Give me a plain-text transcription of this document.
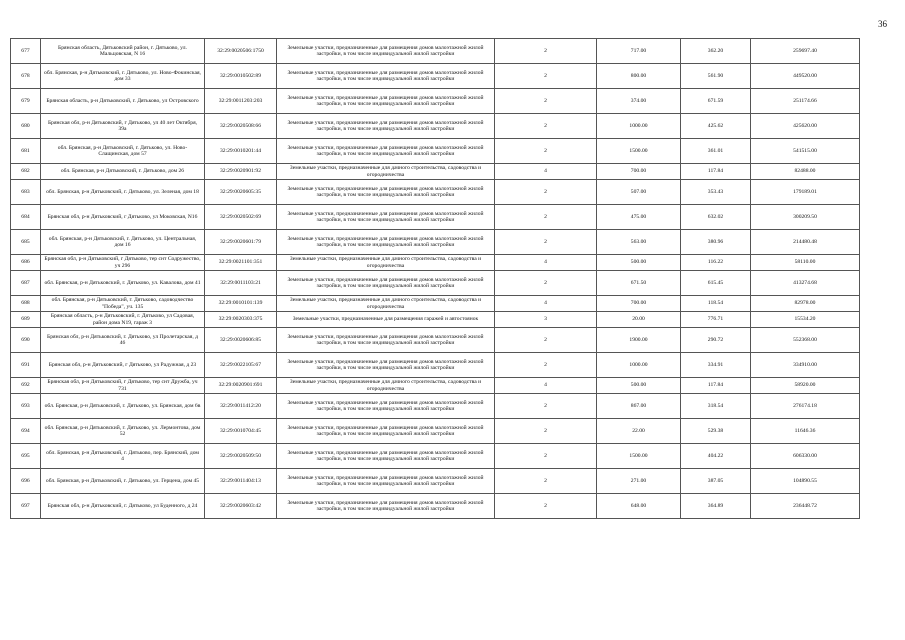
36
677	Брянская область, Дятьковский район, г. Дятьково, ул. Мальцовская, N 16	32:29:0020506:1750	Земельные участки, предназначенные для размещения домов малоэтажной жилой застройки, в том числе индивидуальной жилой застройки	2	717.00	362.20	259697.40
678	обл. Брянская, р-н Дятьковский, г. Дятьково, ул. Ново-Фокинская, дом 33	32:29:0010502:89	Земельные участки, предназначенные для размещения домов малоэтажной жилой застройки, в том числе индивидуальной жилой застройки	2	800.00	561.90	449520.00
679	Брянская область, р-н Дятьковский, г. Дятьково, ул Островского	32:29:0011203:203	Земельные участки, предназначенные для размещения домов малоэтажной жилой застройки, в том числе индивидуальной жилой застройки	2	374.00	671.59	251174.66
680	Брянская обл, р-н Дятьковский, г Дятьково, ул 40 лет Октября, 39а	32:29:0020508:66	Земельные участки, предназначенные для размещения домов малоэтажной жилой застройки, в том числе индивидуальной жилой застройки	2	1000.00	425.62	425620.00
681	обл. Брянская, р-н Дятьковский, г. Дятьково, ул. Ново-Слащинская, дом 57	32:29:0010201:44	Земельные участки, предназначенные для размещения домов малоэтажной жилой застройки, в том числе индивидуальной жилой застройки	2	1500.00	361.01	541515.00
682	обл. Брянская, р-н Дятьковский, г. Дятьково, дом 26	32:29:0020901:92	Земельные участки, предназначенные для дачного строительства, садоводства и огородничества	4	700.00	117.84	82488.00
683	обл. Брянская, р-н Дятьковский, г. Дятьково, ул. Зеленая, дом 18	32:29:0020605:35	Земельные участки, предназначенные для размещения домов малоэтажной жилой застройки, в том числе индивидуальной жилой застройки	2	507.00	353.43	179189.01
684	Брянская обл, р-н Дятьковский, г Дятьково, ул Моковская, N16	32:29:0020502:69	Земельные участки, предназначенные для размещения домов малоэтажной жилой застройки, в том числе индивидуальной жилой застройки	2	475.00	632.02	300209.50
685	обл. Брянская, р-н Дятьковский, г. Дятьково, ул. Центральная, дом 16	32:29:0020601:79	Земельные участки, предназначенные для размещения домов малоэтажной жилой застройки, в том числе индивидуальной жилой застройки	2	563.00	380.96	214480.48
686	Брянская обл, р-н Дятьковский, г Дятьково, тер снт Содружество, уч 296	32:29:0021101:351	Земельные участки, предназначенные для дачного строительства, садоводства и огородничества	4	500.00	116.22	58110.00
687	обл. Брянская, р-н Дятьковский, г. Дятьково, ул. Кавалова, дом 41	32:29:0011103:21	Земельные участки, предназначенные для размещения домов малоэтажной жилой застройки, в том числе индивидуальной жилой застройки	2	671.50	615.45	413274.68
688	обл. Брянская, р-н Дятьковский, г. Дятьково, садоводчество "Победа", уч. 135	32:29:0010101:139	Земельные участки, предназначенные для дачного строительства, садоводства и огородничества	4	700.00	118.54	82978.00
689	Брянская область, р-н Дятьковский, г. Дятьково, ул Садовая, район дома N19, гараж 3	32:29:0020303:375	Земельные участки, предназначенные для размещения гаражей и автостоянок	3	20.00	776.71	15534.20
690	Брянская обл, р-н Дятьковский, г. Дятьково, ул Пролетарская, д 46	32:29:0020606:85	Земельные участки, предназначенные для размещения домов малоэтажной жилой застройки, в том числе индивидуальной жилой застройки	2	1900.00	290.72	552368.00
691	Брянская обл, р-н Дятьковский, г Дятьково, ул Радужная, д 23	32:29:0022105:67	Земельные участки, предназначенные для размещения домов малоэтажной жилой застройки, в том числе индивидуальной жилой застройки	2	1000.00	334.91	334910.00
692	Брянская обл, р-н Дятьковский, г Дятьково, тер снт Дружба, уч 731	32:29:0020901:691	Земельные участки, предназначенные для дачного строительства, садоводства и огородничества	4	500.00	117.84	58920.00
693	обл. Брянская, р-н Дятьковский, г. Дятьково, ул. Брянская, дом 6в	32:29:0011412:20	Земельные участки, предназначенные для размещения домов малоэтажной жилой застройки, в том числе индивидуальной жилой застройки	2	867.00	318.54	276174.18
694	обл. Брянская, р-н Дятьковский, г. Дятьково, ул. Лермонтова, дом 52	32:29:0010704:45	Земельные участки, предназначенные для размещения домов малоэтажной жилой застройки, в том числе индивидуальной жилой застройки	2	22.00	529.38	11646.36
695	обл. Брянская, р-н Дятьковский, г. Дятьково, пер. Брянский, дом 4	32:29:0020509:50	Земельные участки, предназначенные для размещения домов малоэтажной жилой застройки, в том числе индивидуальной жилой застройки	2	1500.00	404.22	606330.00
696	обл. Брянская, р-н Дятьковский, г. Дятьково, ул. Герцена, дом 45	32:29:0011404:13	Земельные участки, предназначенные для размещения домов малоэтажной жилой застройки, в том числе индивидуальной жилой застройки	2	271.00	387.05	104890.55
697	Брянская обл, р-н Дятьковский, г. Дятьково, ул Буденного, д 24	32:29:0020603:42	Земельные участки, предназначенные для размещения домов малоэтажной жилой застройки, в том числе индивидуальной жилой застройки	2	648.00	364.89	236448.72
